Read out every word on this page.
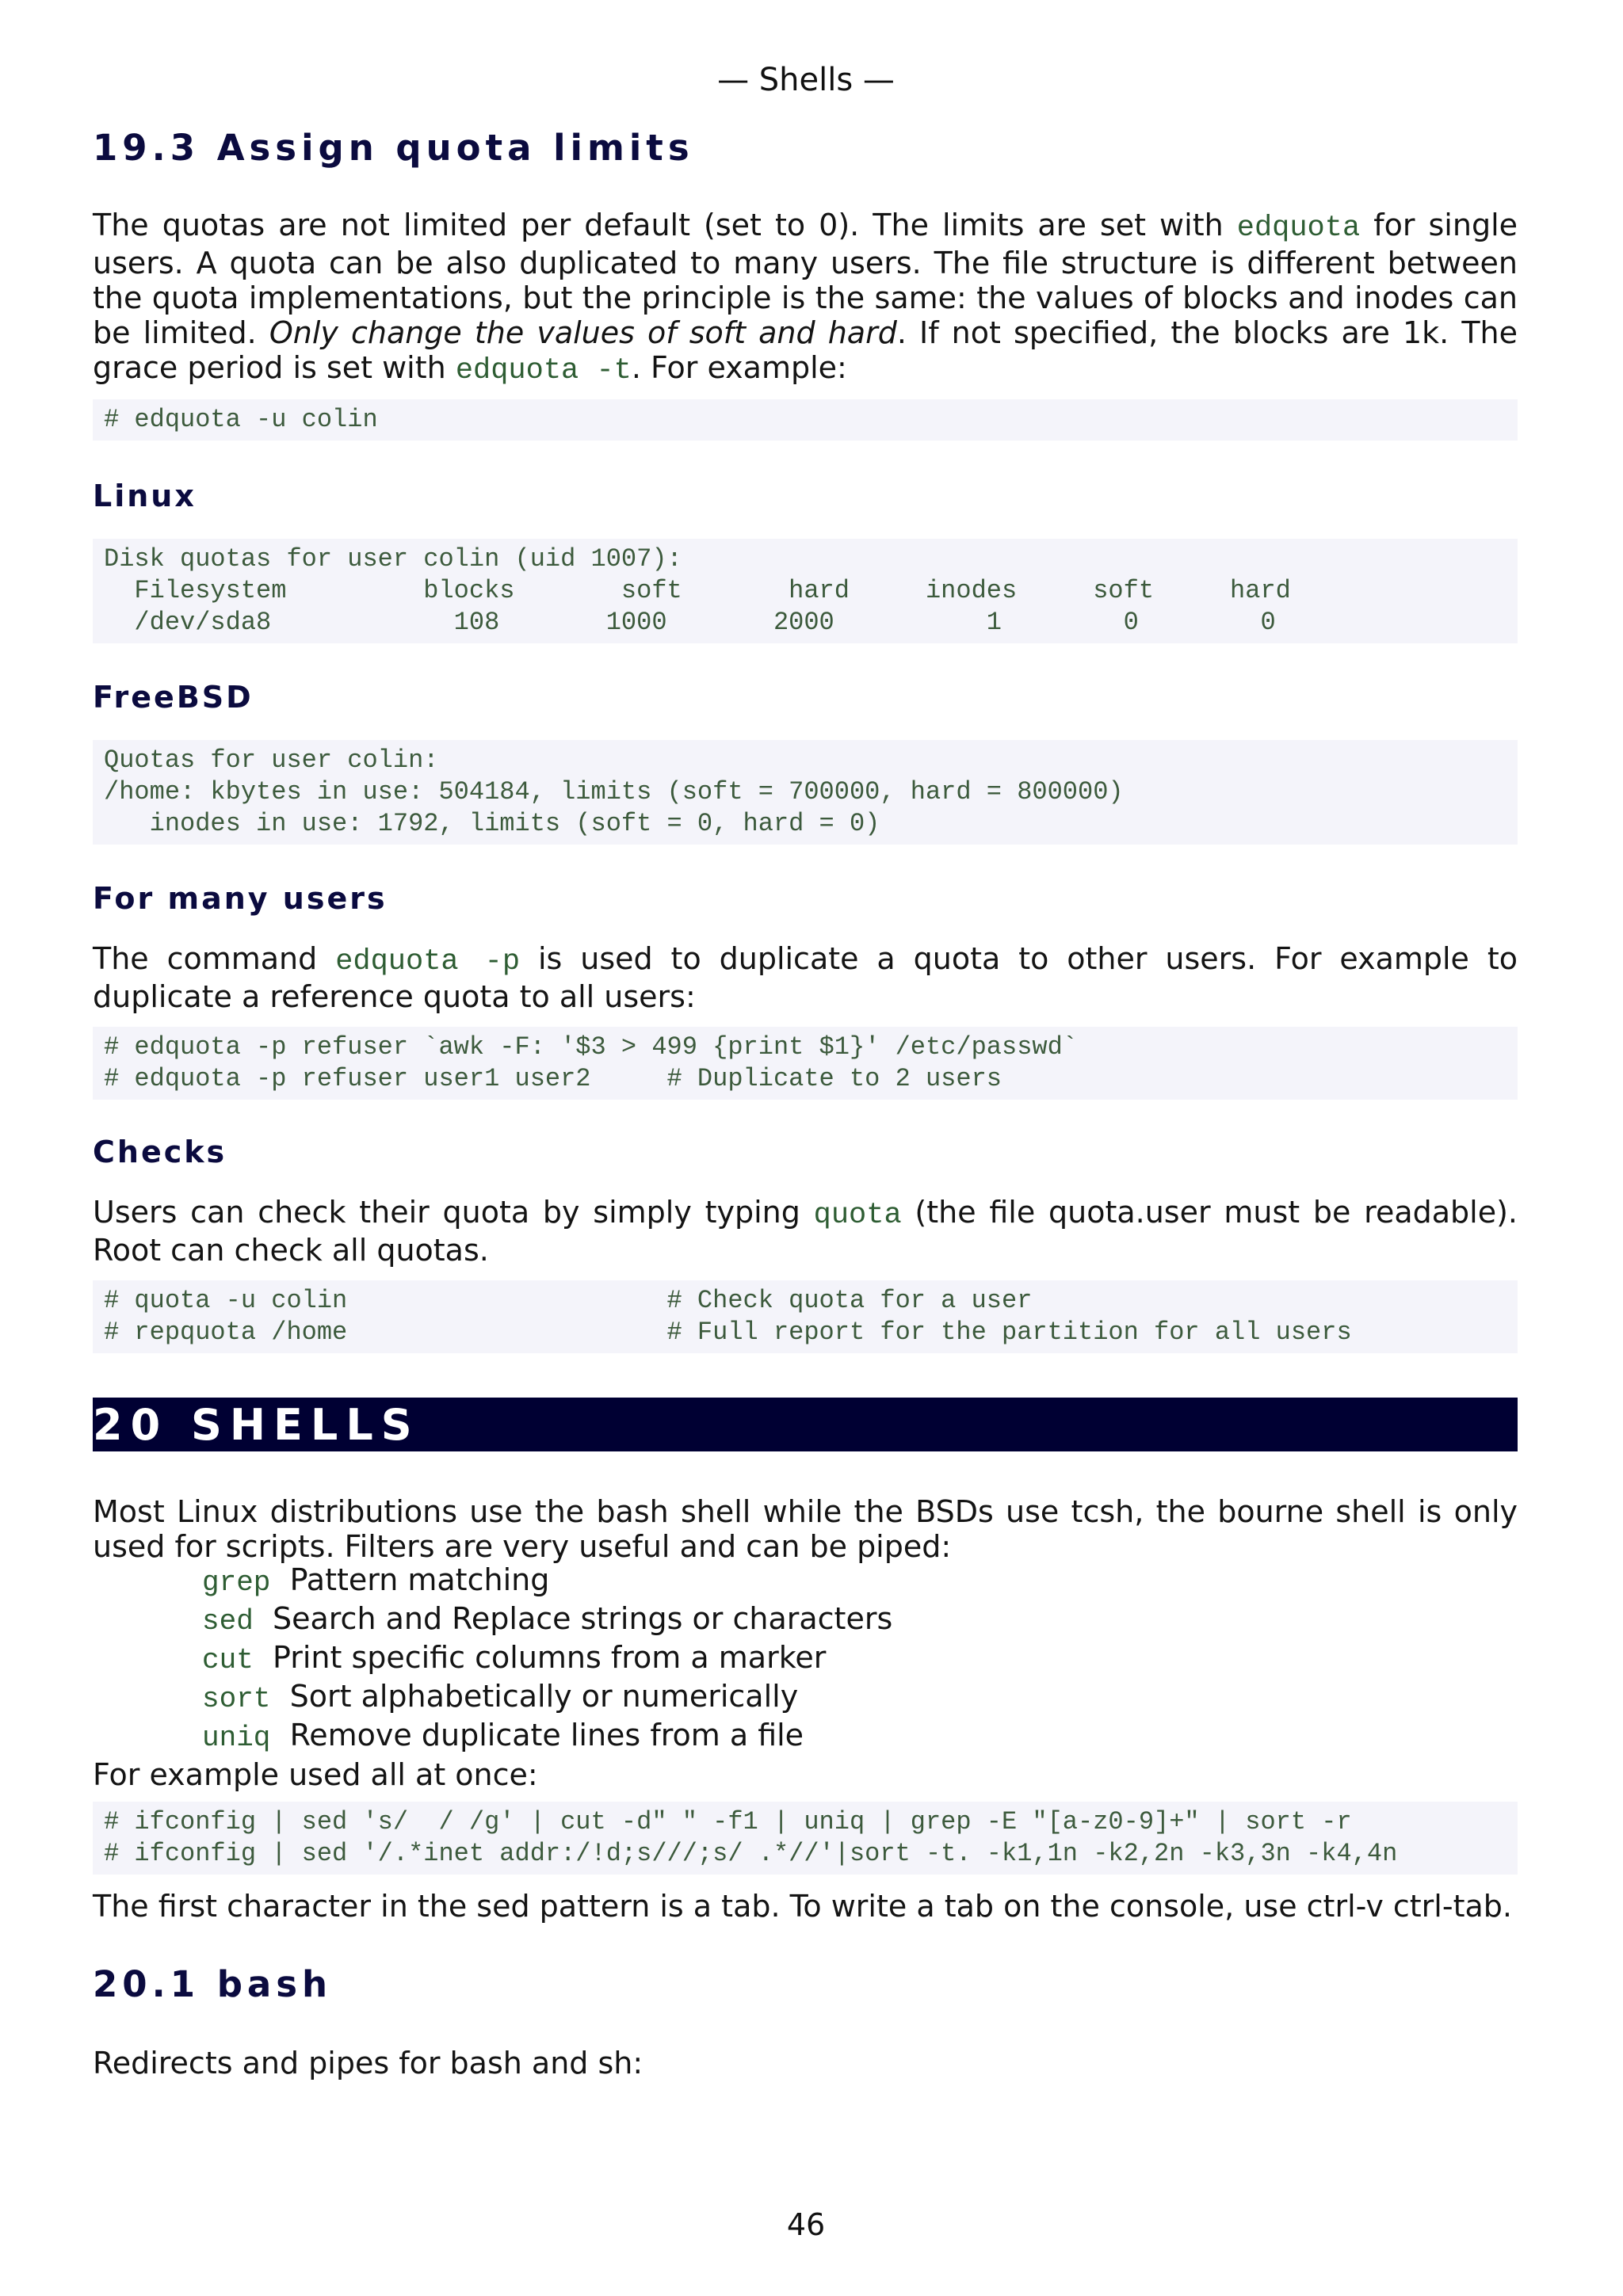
— Shells —
19.3 Assign quota limits

The quotas are not limited per default (set to 0). The limits are set with edquota for single users. A quota can be also duplicated to many users. The file structure is different between the quota implementations, but the principle is the same: the values of blocks and inodes can be limited. Only change the values of soft and hard. If not specified, the blocks are 1k. The grace period is set with edquota -t. For example:

# edquota -u colin
Linux
Disk quotas for user colin (uid 1007):
Filesystem         blocks       soft       hard     inodes     soft     hard
/dev/sda8            108       1000       2000          1        0        0
FreeBSD
Quotas for user colin:
/home: kbytes in use: 504184, limits (soft = 700000, hard = 800000)
inodes in use: 1792, limits (soft = 0, hard = 0)
For many users

The command edquota -p is used to duplicate a quota to other users. For example to duplicate a reference quota to all users:

# edquota -p refuser `awk -F: '$3 > 499 {print $1}' /etc/passwd`
# edquota -p refuser user1 user2     # Duplicate to 2 users
Checks

Users can check their quota by simply typing quota (the file quota.user must be readable). Root can check all quotas.

# quota -u colin                     # Check quota for a user
# repquota /home                     # Full report for the partition for all users
20 SHELLS

Most Linux distributions use the bash shell while the BSDs use tcsh, the bourne shell is only used for scripts. Filters are very useful and can be piped:

grep Pattern matching
sed Search and Replace strings or characters
cut Print specific columns from a marker
sort Sort alphabetically or numerically
uniq Remove duplicate lines from a file

For example used all at once:

# ifconfig | sed 's/  / /g' | cut -d" " -f1 | uniq | grep -E "[a-z0-9]+" | sort -r
# ifconfig | sed '/.*inet addr:/!d;s///;s/ .*//'|sort -t. -k1,1n -k2,2n -k3,3n -k4,4n

The first character in the sed pattern is a tab. To write a tab on the console, use ctrl-v ctrl-tab.

20.1 bash

Redirects and pipes for bash and sh:

46
